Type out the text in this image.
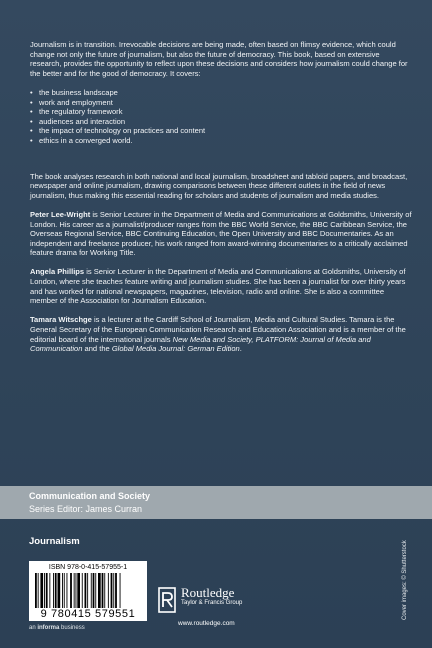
Journalism is in transition. Irrevocable decisions are being made, often based on flimsy evidence, which could change not only the future of journalism, but also the future of democracy. This book, based on extensive research, provides the opportunity to reflect upon these decisions and considers how journalism could change for the better and for the good of democracy. It covers:

• the business landscape
• work and employment
• the regulatory framework
• audiences and interaction
• the impact of technology on practices and content
• ethics in a converged world.

The book analyses research in both national and local journalism, broadsheet and tabloid papers, and broadcast, newspaper and online journalism, drawing comparisons between these different outlets in the field of news journalism, thus making this essential reading for scholars and students of journalism and media studies.

Peter Lee-Wright is Senior Lecturer in the Department of Media and Communications at Goldsmiths, University of London. His career as a journalist/producer ranges from the BBC World Service, the BBC Caribbean Service, the Overseas Regional Service, BBC Continuing Education, the Open University and BBC Documentaries. As an independent and freelance producer, his work ranged from award-winning documentaries to a critically acclaimed feature drama for Working Title.

Angela Phillips is Senior Lecturer in the Department of Media and Communications at Goldsmiths, University of London, where she teaches feature writing and journalism studies. She has been a journalist for over thirty years and has worked for national newspapers, magazines, television, radio and online. She is also a committee member of the Association for Journalism Education.

Tamara Witschge is a lecturer at the Cardiff School of Journalism, Media and Cultural Studies. Tamara is the General Secretary of the European Communication Research and Education Association and is a member of the editorial board of the international journals New Media and Society, PLATFORM: Journal of Media and Communication and the Global Media Journal: German Edition.

Communication and Society
Series Editor: James Curran
Journalism
ISBN 978-0-415-57955-1
9 780415 579551
an informa business
Routledge
Taylor & Francis Group
www.routledge.com
Cover images: © Shutterstock
